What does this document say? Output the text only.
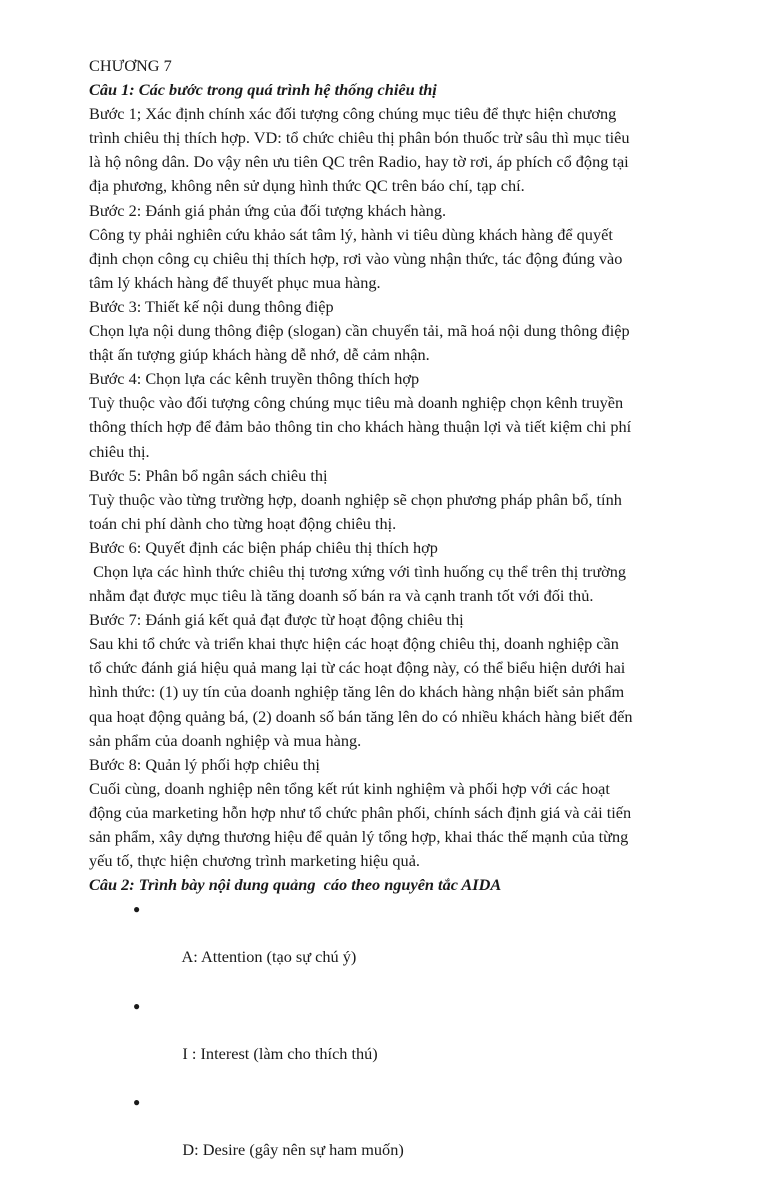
CHƯƠNG 7
Câu 1: Các bước trong quá trình hệ thống chiêu thị
Bước 1; Xác định chính xác đối tượng công chúng mục tiêu để thực hiện chương
trình chiêu thị thích hợp. VD: tổ chức chiêu thị phân bón thuốc trừ sâu thì mục tiêu
là hộ nông dân. Do vậy nên ưu tiên QC trên Radio, hay tờ rơi, áp phích cổ động tại
địa phương, không nên sử dụng hình thức QC trên báo chí, tạp chí.
Bước 2: Đánh giá phản ứng của đối tượng khách hàng.
Công ty phải nghiên cứu khảo sát tâm lý, hành vi tiêu dùng khách hàng để quyết
định chọn công cụ chiêu thị thích hợp, rơi vào vùng nhận thức, tác động đúng vào
tâm lý khách hàng để thuyết phục mua hàng.
Bước 3: Thiết kế nội dung thông điệp
Chọn lựa nội dung thông điệp (slogan) cần chuyển tải, mã hoá nội dung thông điệp
thật ấn tượng giúp khách hàng dễ nhớ, dễ cảm nhận.
Bước 4: Chọn lựa các kênh truyền thông thích hợp
Tuỳ thuộc vào đối tượng công chúng mục tiêu mà doanh nghiệp chọn kênh truyền
thông thích hợp để đảm bảo thông tin cho khách hàng thuận lợi và tiết kiệm chi phí
chiêu thị.
Bước 5: Phân bổ ngân sách chiêu thị
Tuỳ thuộc vào từng trường hợp, doanh nghiệp sẽ chọn phương pháp phân bổ, tính
toán chi phí dành cho từng hoạt động chiêu thị.
Bước 6: Quyết định các biện pháp chiêu thị thích hợp
Chọn lựa các hình thức chiêu thị tương xứng với tình huống cụ thể trên thị trường
nhằm đạt được mục tiêu là tăng doanh số bán ra và cạnh tranh tốt với đối thủ.
Bước 7: Đánh giá kết quả đạt được từ hoạt động chiêu thị
Sau khi tổ chức và triển khai thực hiện các hoạt động chiêu thị, doanh nghiệp cần
tổ chức đánh giá hiệu quả mang lại từ các hoạt động này, có thể biểu hiện dưới hai
hình thức: (1) uy tín của doanh nghiệp tăng lên do khách hàng nhận biết sản phẩm
qua hoạt động quảng bá, (2) doanh số bán tăng lên do có nhiều khách hàng biết đến
sản phẩm của doanh nghiệp và mua hàng.
Bước 8: Quản lý phối hợp chiêu thị
Cuối cùng, doanh nghiệp nên tổng kết rút kinh nghiệm và phối hợp với các hoạt
động của marketing hỗn hợp như tổ chức phân phối, chính sách định giá và cải tiến
sản phẩm, xây dựng thương hiệu để quản lý tổng hợp, khai thác thế mạnh của từng
yếu tố, thực hiện chương trình marketing hiệu quả.
Câu 2: Trình bày nội dung quảng  cáo theo nguyên tắc AIDA

●

A: Attention (tạo sự chú ý)

●

I : Interest (làm cho thích thú)

●

D: Desire (gây nên sự ham muốn)
